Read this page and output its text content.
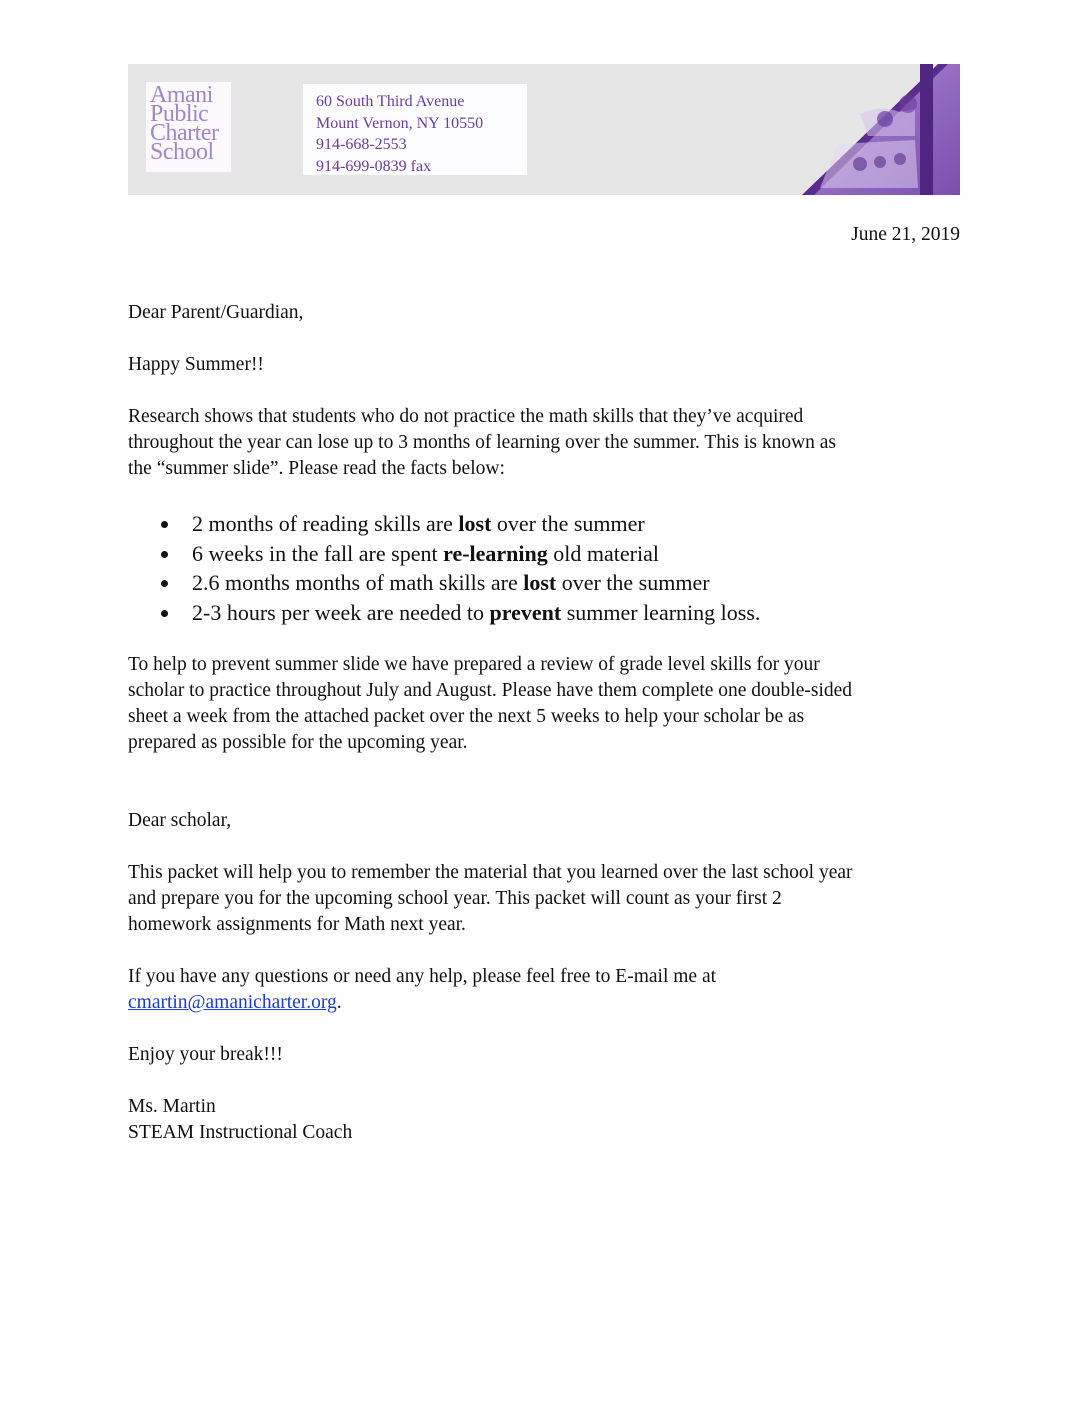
Amani
Public
Charter
School
60 South Third Avenue
Mount Vernon, NY 10550
914-668-2553
914-699-0839 fax
June 21, 2019
Dear Parent/Guardian,
Happy Summer!!
Research shows that students who do not practice the math skills that they’ve acquired
throughout the year can lose up to 3 months of learning over the summer. This is known as
the “summer slide”. Please read the facts below:
2 months of reading skills are lost over the summer
6 weeks in the fall are spent re-learning old material
2.6 months months of math skills are lost over the summer
2-3 hours per week are needed to prevent summer learning loss.
To help to prevent summer slide we have prepared a review of grade level skills for your
scholar to practice throughout July and August. Please have them complete one double-sided
sheet a week from the attached packet over the next 5 weeks to help your scholar be as
prepared as possible for the upcoming year.
Dear scholar,
This packet will help you to remember the material that you learned over the last school year
and prepare you for the upcoming school year. This packet will count as your first 2
homework assignments for Math next year.
If you have any questions or need any help, please feel free to E-mail me at
cmartin@amanicharter.org.
Enjoy your break!!!
Ms. Martin
STEAM Instructional Coach
